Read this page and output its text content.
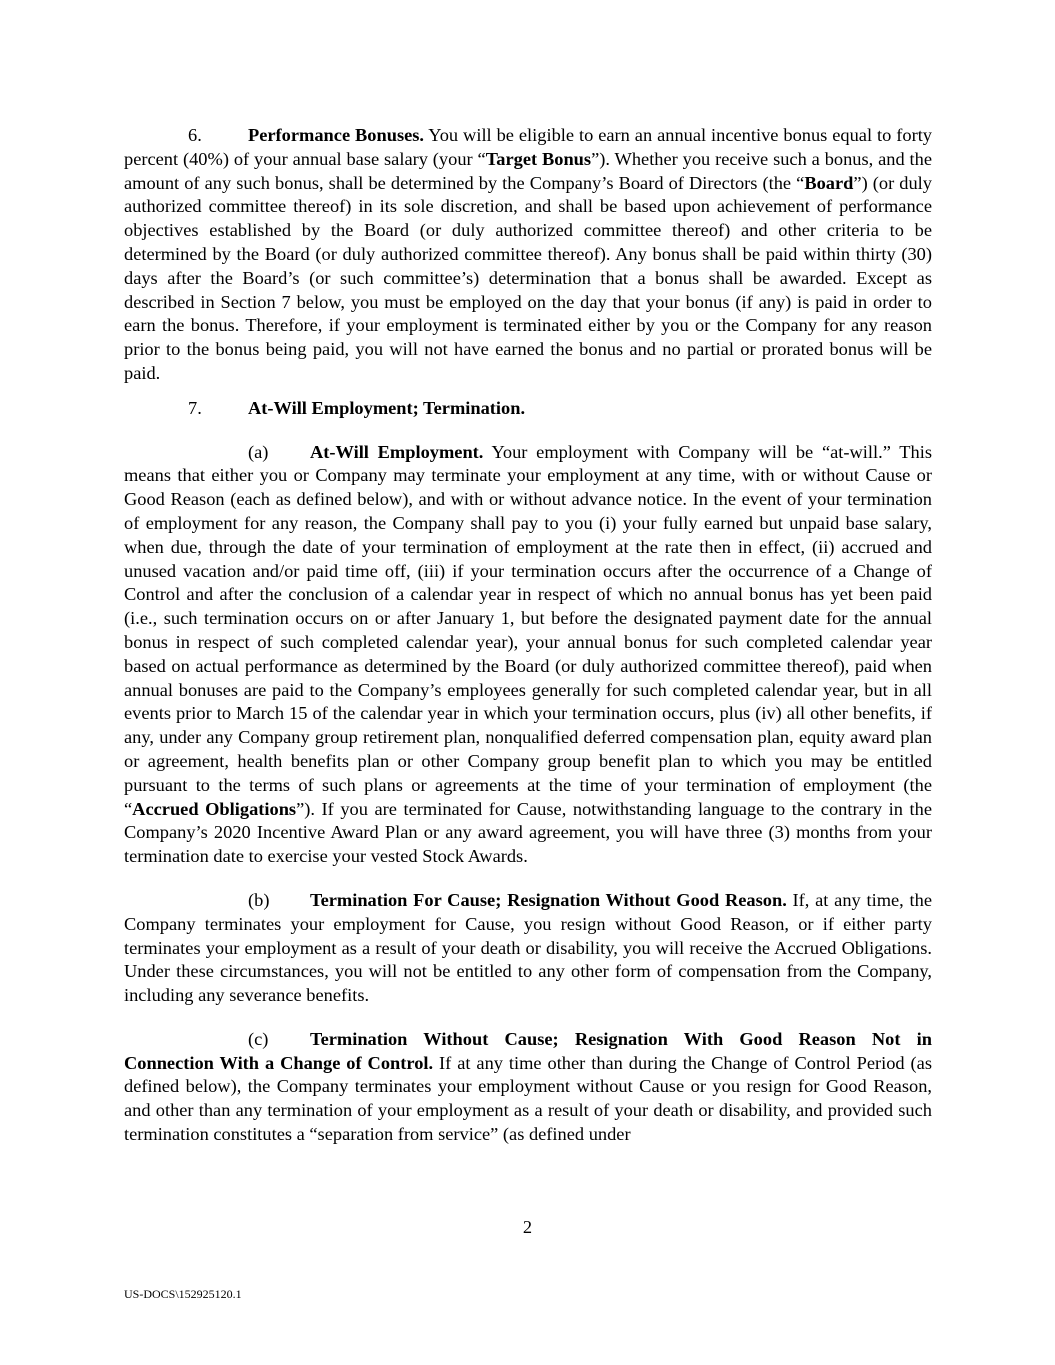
6.	Performance Bonuses. You will be eligible to earn an annual incentive bonus equal to forty percent (40%) of your annual base salary (your “Target Bonus”). Whether you receive such a bonus, and the amount of any such bonus, shall be determined by the Company’s Board of Directors (the “Board”) (or duly authorized committee thereof) in its sole discretion, and shall be based upon achievement of performance objectives established by the Board (or duly authorized committee thereof) and other criteria to be determined by the Board (or duly authorized committee thereof). Any bonus shall be paid within thirty (30) days after the Board’s (or such committee’s) determination that a bonus shall be awarded. Except as described in Section 7 below, you must be employed on the day that your bonus (if any) is paid in order to earn the bonus. Therefore, if your employment is terminated either by you or the Company for any reason prior to the bonus being paid, you will not have earned the bonus and no partial or prorated bonus will be paid.

7.	At-Will Employment; Termination.

(a) At-Will Employment. Your employment with Company will be “at-will.” This means that either you or Company may terminate your employment at any time, with or without Cause or Good Reason (each as defined below), and with or without advance notice. In the event of your termination of employment for any reason, the Company shall pay to you (i) your fully earned but unpaid base salary, when due, through the date of your termination of employment at the rate then in effect, (ii) accrued and unused vacation and/or paid time off, (iii) if your termination occurs after the occurrence of a Change of Control and after the conclusion of a calendar year in respect of which no annual bonus has yet been paid (i.e., such termination occurs on or after January 1, but before the designated payment date for the annual bonus in respect of such completed calendar year), your annual bonus for such completed calendar year based on actual performance as determined by the Board (or duly authorized committee thereof), paid when annual bonuses are paid to the Company’s employees generally for such completed calendar year, but in all events prior to March 15 of the calendar year in which your termination occurs, plus (iv) all other benefits, if any, under any Company group retirement plan, nonqualified deferred compensation plan, equity award plan or agreement, health benefits plan or other Company group benefit plan to which you may be entitled pursuant to the terms of such plans or agreements at the time of your termination of employment (the “Accrued Obligations”). If you are terminated for Cause, notwithstanding language to the contrary in the Company’s 2020 Incentive Award Plan or any award agreement, you will have three (3) months from your termination date to exercise your vested Stock Awards.

(b) Termination For Cause; Resignation Without Good Reason. If, at any time, the Company terminates your employment for Cause, you resign without Good Reason, or if either party terminates your employment as a result of your death or disability, you will receive the Accrued Obligations. Under these circumstances, you will not be entitled to any other form of compensation from the Company, including any severance benefits.

(c) Termination Without Cause; Resignation With Good Reason Not in Connection With a Change of Control. If at any time other than during the Change of Control Period (as defined below), the Company terminates your employment without Cause or you resign for Good Reason, and other than any termination of your employment as a result of your death or disability, and provided such termination constitutes a “separation from service” (as defined under

2
US-DOCS\152925120.1
